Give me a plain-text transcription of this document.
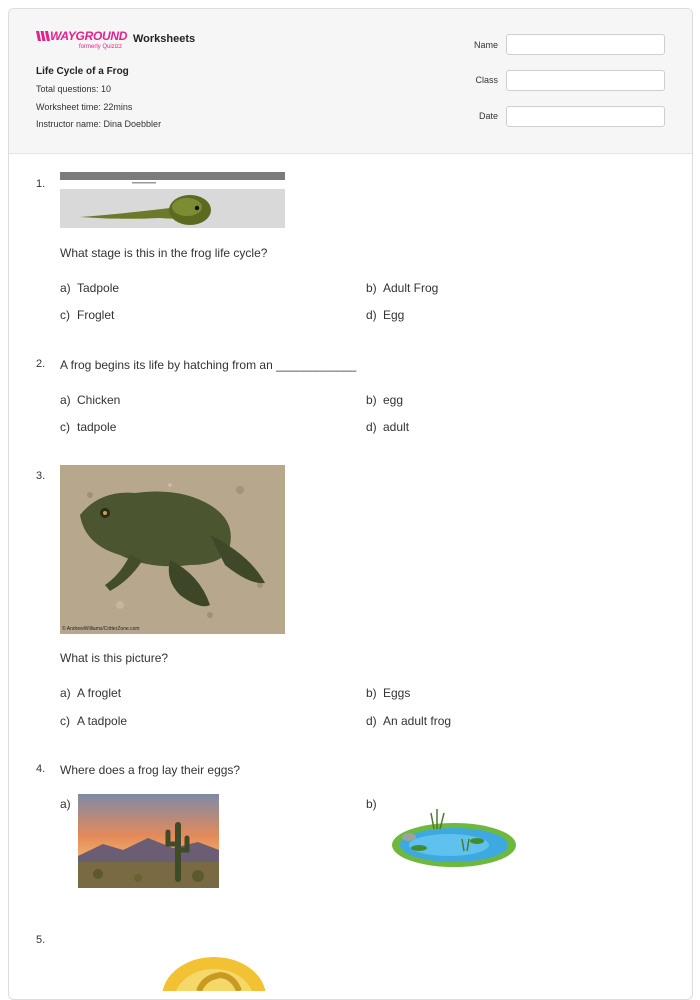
WAYGROUND
formerly Quizizz
Worksheets
Life Cycle of a Frog
Total questions: 10
Worksheet time: 22mins
Instructor name: Dina Doebbler
Name
Class
Date
1.
What stage is this in the frog life cycle?
a) Tadpole	b) Adult Frog
c) Froglet	d) Egg
2. A frog begins its life by hatching from an ____________
a) Chicken	b) egg
c) tadpole	d) adult
3.
© AndrewWilliams/CritterZone.com
What is this picture?
a) A froglet	b) Eggs
c) A tadpole	d) An adult frog
4. Where does a frog lay their eggs?
a)	b)
5.
